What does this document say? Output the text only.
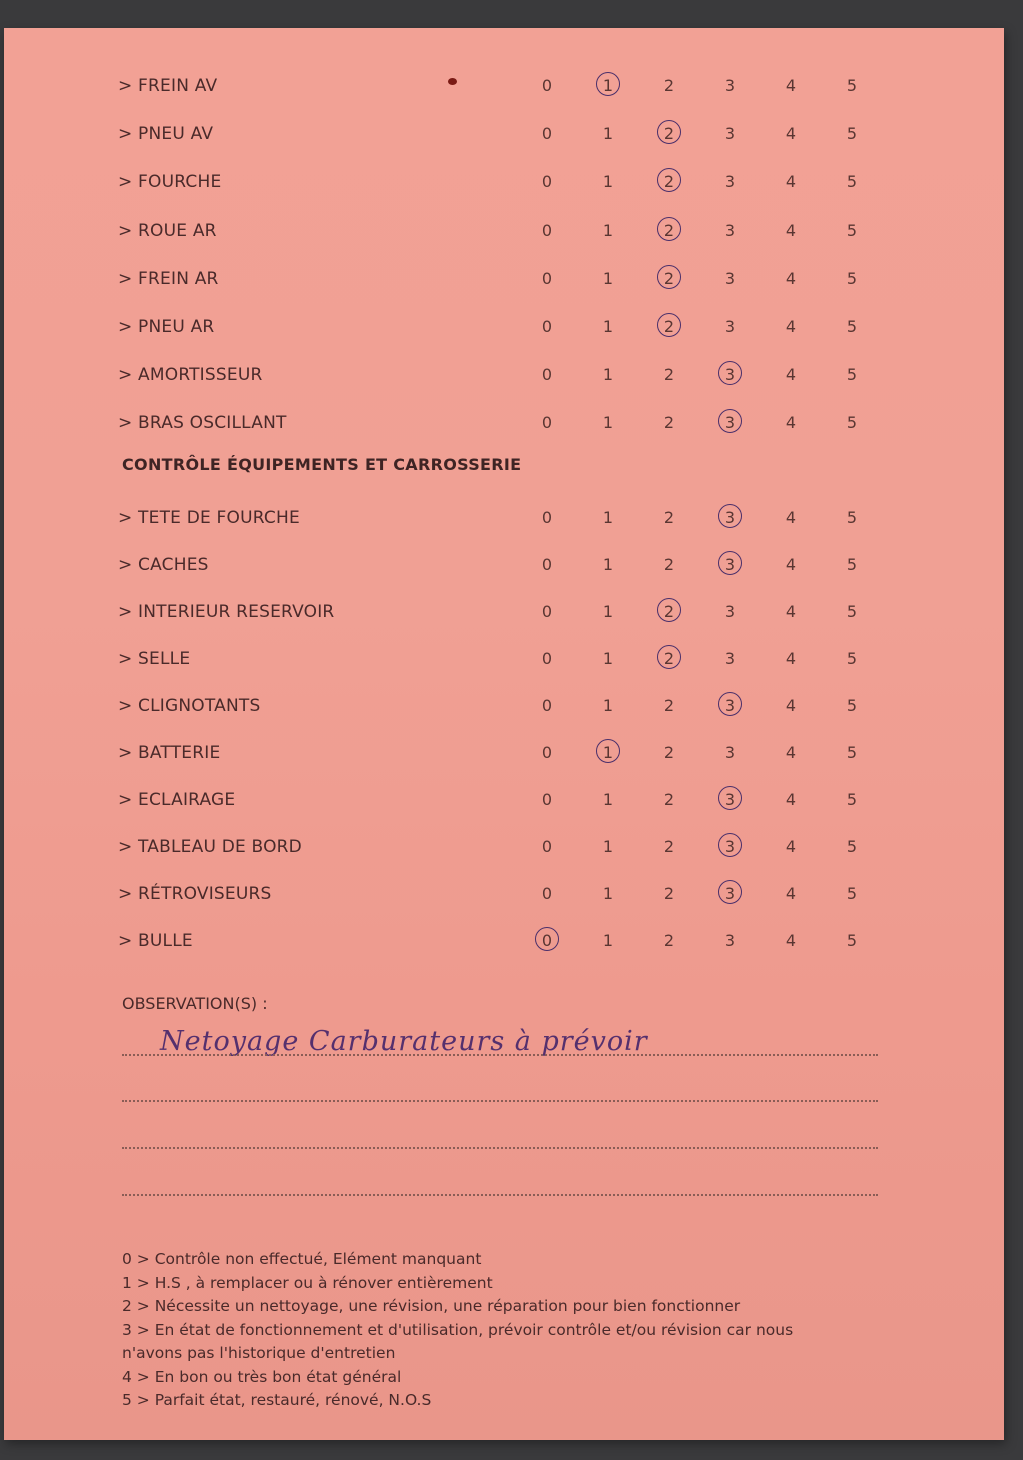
> FREIN AV	0	1	2	3	4	5
> PNEU AV	0	1	2	3	4	5
> FOURCHE	0	1	2	3	4	5
> ROUE AR	0	1	2	3	4	5
> FREIN AR	0	1	2	3	4	5
> PNEU AR	0	1	2	3	4	5
> AMORTISSEUR	0	1	2	3	4	5
> BRAS OSCILLANT	0	1	2	3	4	5
CONTRÔLE ÉQUIPEMENTS ET CARROSSERIE
> TETE DE FOURCHE	0	1	2	3	4	5
> CACHES	0	1	2	3	4	5
> INTERIEUR RESERVOIR	0	1	2	3	4	5
> SELLE	0	1	2	3	4	5
> CLIGNOTANTS	0	1	2	3	4	5
> BATTERIE	0	1	2	3	4	5
> ECLAIRAGE	0	1	2	3	4	5
> TABLEAU DE BORD	0	1	2	3	4	5
> RÉTROVISEURS	0	1	2	3	4	5
> BULLE	0	1	2	3	4	5
OBSERVATION(S) :
Netoyage Carburateurs à prévoir
0 > Contrôle non effectué, Elément manquant
1 > H.S , à remplacer ou à rénover entièrement
2 > Nécessite un nettoyage, une révision, une réparation pour bien fonctionner
3 > En état de fonctionnement et d'utilisation, prévoir contrôle et/ou révision car nous
n'avons pas l'historique d'entretien
4 > En bon ou très bon état général
5 > Parfait état, restauré, rénové, N.O.S
